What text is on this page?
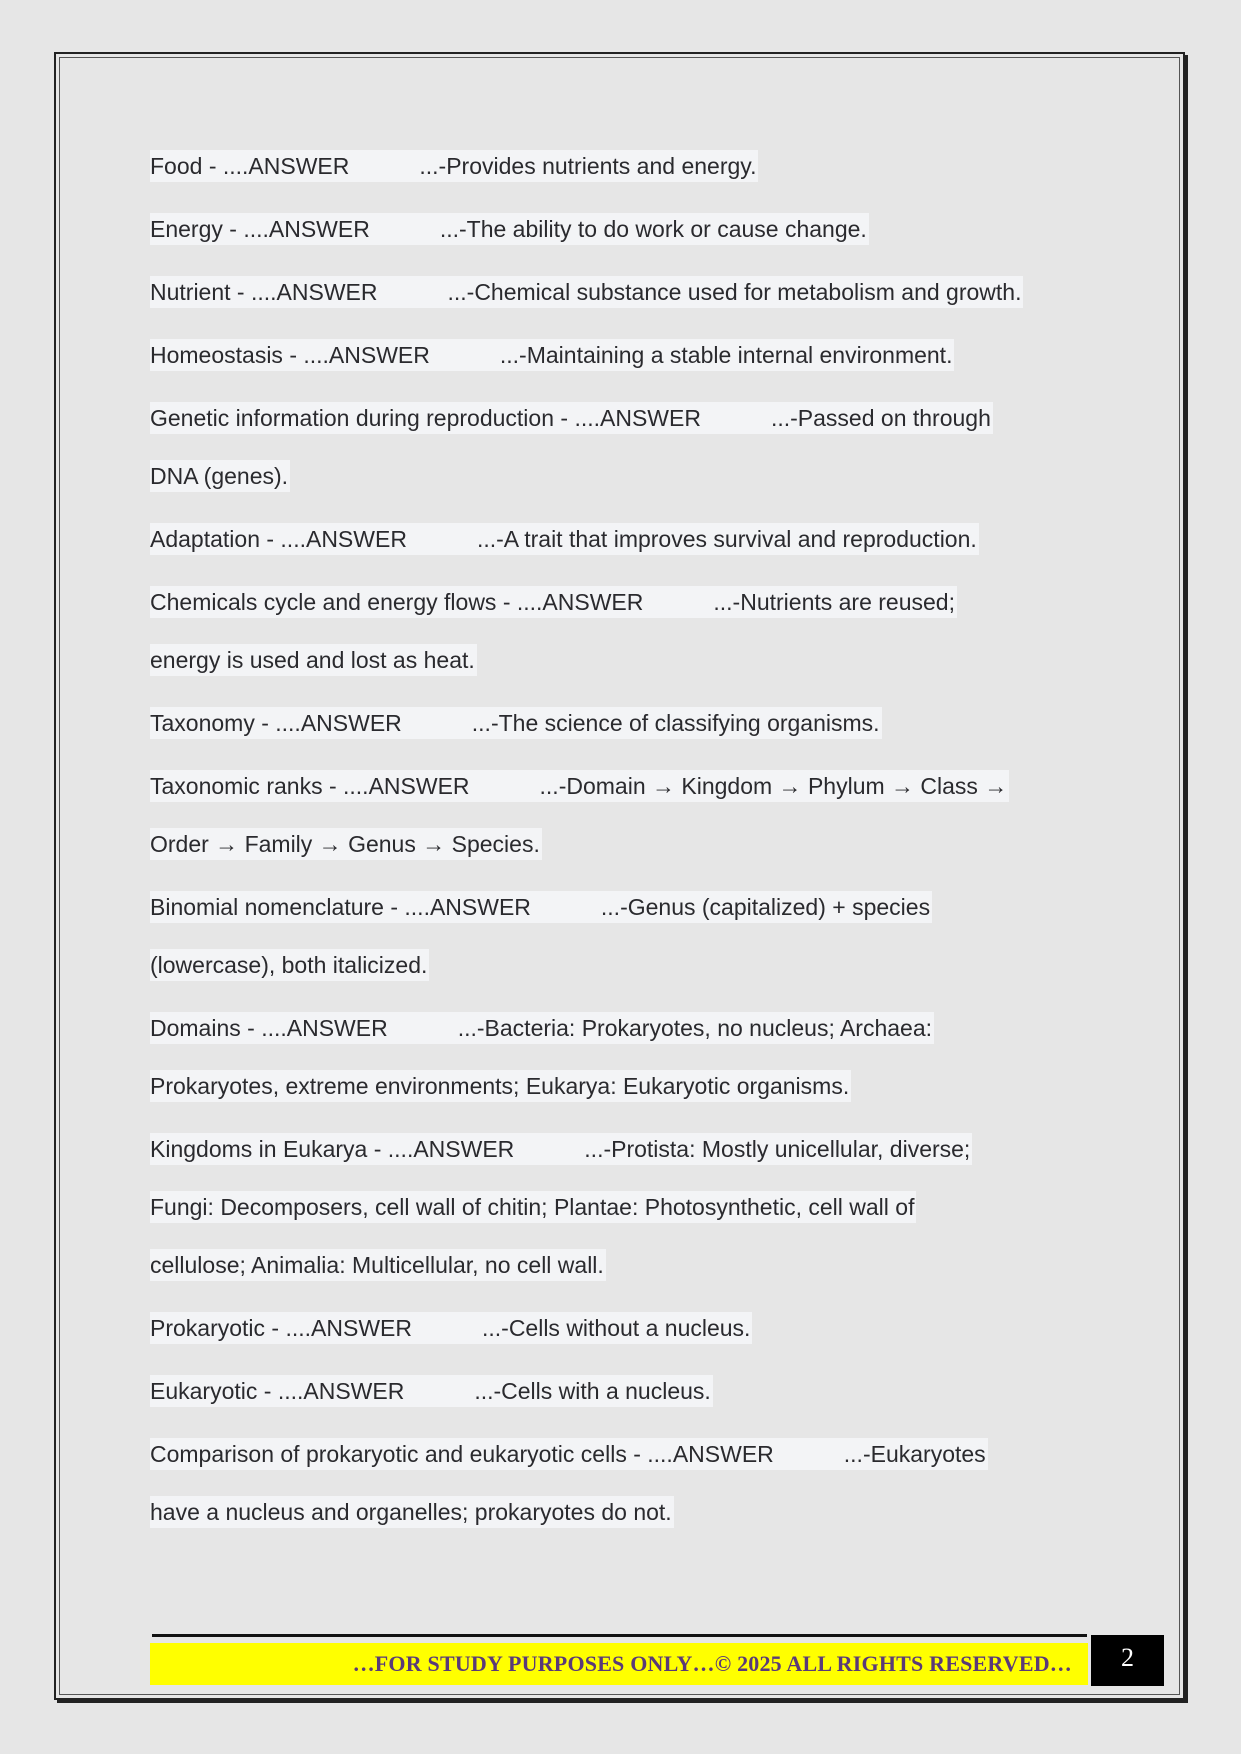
Food - ....ANSWER	...-Provides nutrients and energy.
Energy - ....ANSWER	...-The ability to do work or cause change.
Nutrient - ....ANSWER	...-Chemical substance used for metabolism and growth.
Homeostasis - ....ANSWER	...-Maintaining a stable internal environment.
Genetic information during reproduction - ....ANSWER	...-Passed on through
DNA (genes).
Adaptation - ....ANSWER	...-A trait that improves survival and reproduction.
Chemicals cycle and energy flows - ....ANSWER	...-Nutrients are reused;
energy is used and lost as heat.
Taxonomy - ....ANSWER	...-The science of classifying organisms.
Taxonomic ranks - ....ANSWER	...-Domain → Kingdom → Phylum → Class →
Order → Family → Genus → Species.
Binomial nomenclature - ....ANSWER	...-Genus (capitalized) + species
(lowercase), both italicized.
Domains - ....ANSWER	...-Bacteria: Prokaryotes, no nucleus; Archaea:
Prokaryotes, extreme environments; Eukarya: Eukaryotic organisms.
Kingdoms in Eukarya - ....ANSWER	...-Protista: Mostly unicellular, diverse;
Fungi: Decomposers, cell wall of chitin; Plantae: Photosynthetic, cell wall of
cellulose; Animalia: Multicellular, no cell wall.
Prokaryotic - ....ANSWER	...-Cells without a nucleus.
Eukaryotic - ....ANSWER	...-Cells with a nucleus.
Comparison of prokaryotic and eukaryotic cells - ....ANSWER	...-Eukaryotes
have a nucleus and organelles; prokaryotes do not.
…FOR STUDY PURPOSES ONLY…© 2025 ALL RIGHTS RESERVED…	2
